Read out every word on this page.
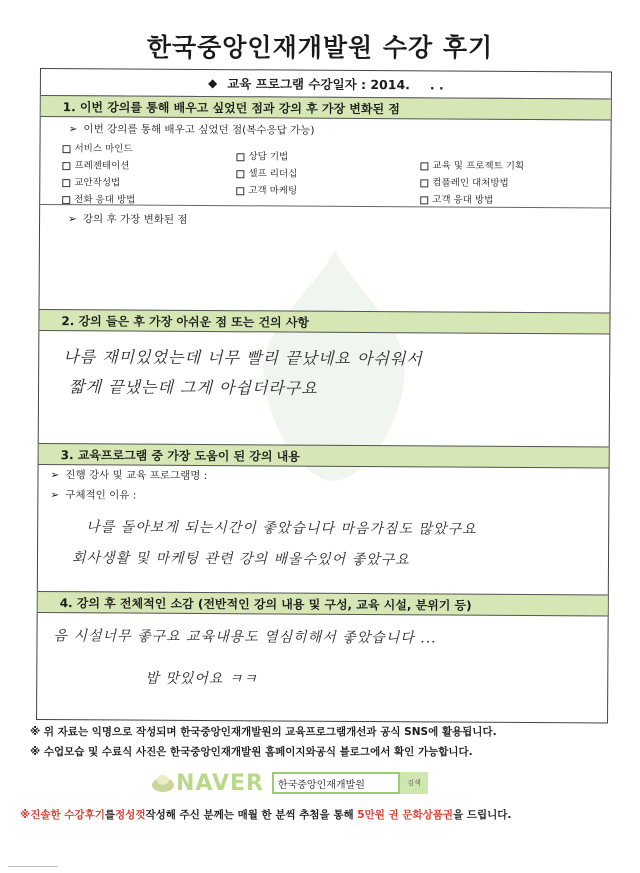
한국중앙인재개발원 수강 후기
◆ 교육 프로그램 수강일자 : 2014. . .
1. 이번 강의를 통해 배우고 싶었던 점과 강의 후 가장 변화된 점
➢ 이번 강의를 통해 배우고 싶었던 점(복수응답 가능)
서비스 마인드
상담 기법
교육 및 프로젝트 기획
프레젠테이션
셀프 리더십
컴플레인 대처방법
교안작성법
고객 마케팅
고객 응대 방법
전화 응대 방법
➢ 강의 후 가장 변화된 점
2. 강의 들은 후 가장 아쉬운 점 또는 건의 사항
나름 재미있었는데 너무 빨리 끝났네요 아쉬워서
짧게 끝냈는데 그게 아쉽더라구요
3. 교육프로그램 중 가장 도움이 된 강의 내용
➢ 진행 강사 및 교육 프로그램명 :
➢ 구체적인 이유 :
나를 돌아보게 되는시간이 좋았습니다 마음가짐도 많았구요
회사생활 및 마케팅 관련 강의 배울수있어 좋았구요
4. 강의 후 전체적인 소감 (전반적인 강의 내용 및 구성, 교육 시설, 분위기 등)
음 시설너무 좋구요 교육내용도 열심히해서 좋았습니다 ...
밥 맛있어요 ㅋㅋ
※ 위 자료는 익명으로 작성되며 한국중앙인재개발원의 교육프로그램개선과 공식 SNS에 활용됩니다.
※ 수업모습 및 수료식 사진은 한국중앙인재개발원 홈페이지와공식 블로그에서 확인 가능합니다.
NAVER	한국중앙인재개발원	검색
※진솔한 수강후기를정성껏작성해 주신 분께는 매월 한 분씩 추첨을 통해 5만원 권 문화상품권을 드립니다.
